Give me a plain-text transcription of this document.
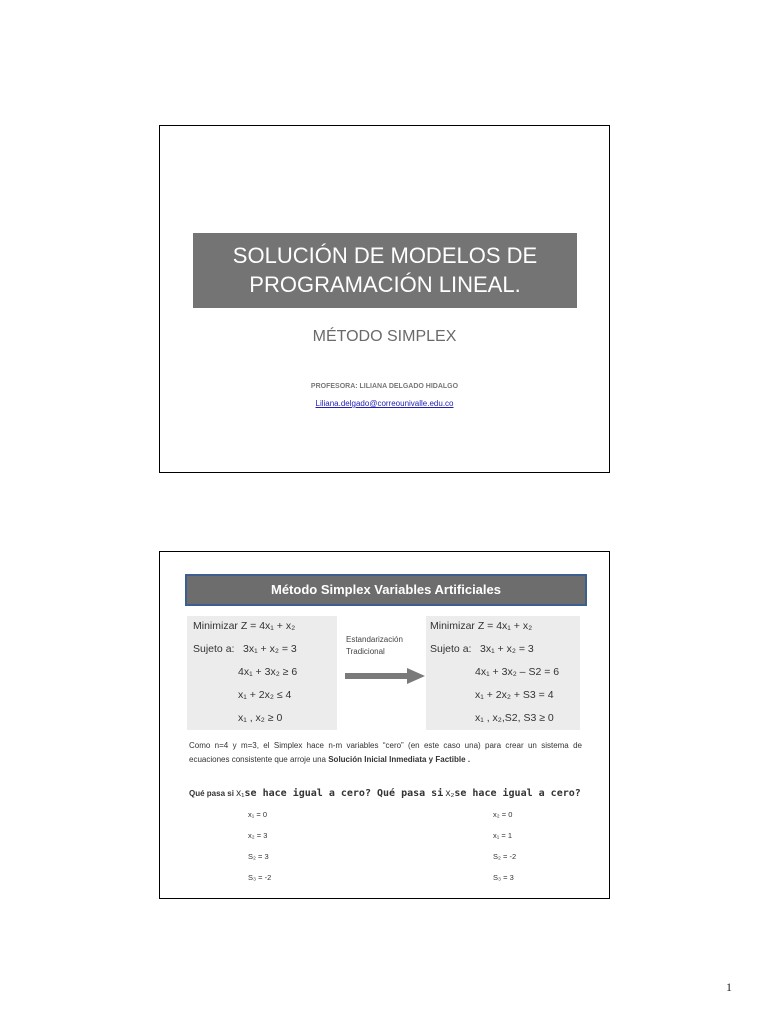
SOLUCIÓN DE MODELOS DE
PROGRAMACIÓN LINEAL.
MÉTODO SIMPLEX
PROFESORA: LILIANA DELGADO HIDALGO
Liliana.delgado@correounivalle.edu.co
Método Simplex Variables Artificiales
Minimizar Z = 4x₁ + x₂
Sujeto a: 3x₁ + x₂ = 3
4x₁ + 3x₂ ≥ 6
x₁ + 2x₂ ≤ 4
x₁ , x₂ ≥ 0
Estandarización
Tradicional
Minimizar Z = 4x₁ + x₂
Sujeto a: 3x₁ + x₂ = 3
4x₁ + 3x₂ – S2 = 6
x₁ + 2x₂ + S3 = 4
x₁ , x₂,S2, S3 ≥ 0
Como n=4 y m=3, el Simplex hace n-m variables “cero” (en este caso una) para crear un sistema de ecuaciones consistente que arroje una Solución Inicial Inmediata y Factible .
Qué pasa si x₁se hace igual a cero? Qué pasa si x₂se hace igual a cero?
x₁ = 0
x₂ = 3
S₂ = 3
S₃ = -2
x₂ = 0
x₁ = 1
S₂ = -2
S₃ = 3
1
